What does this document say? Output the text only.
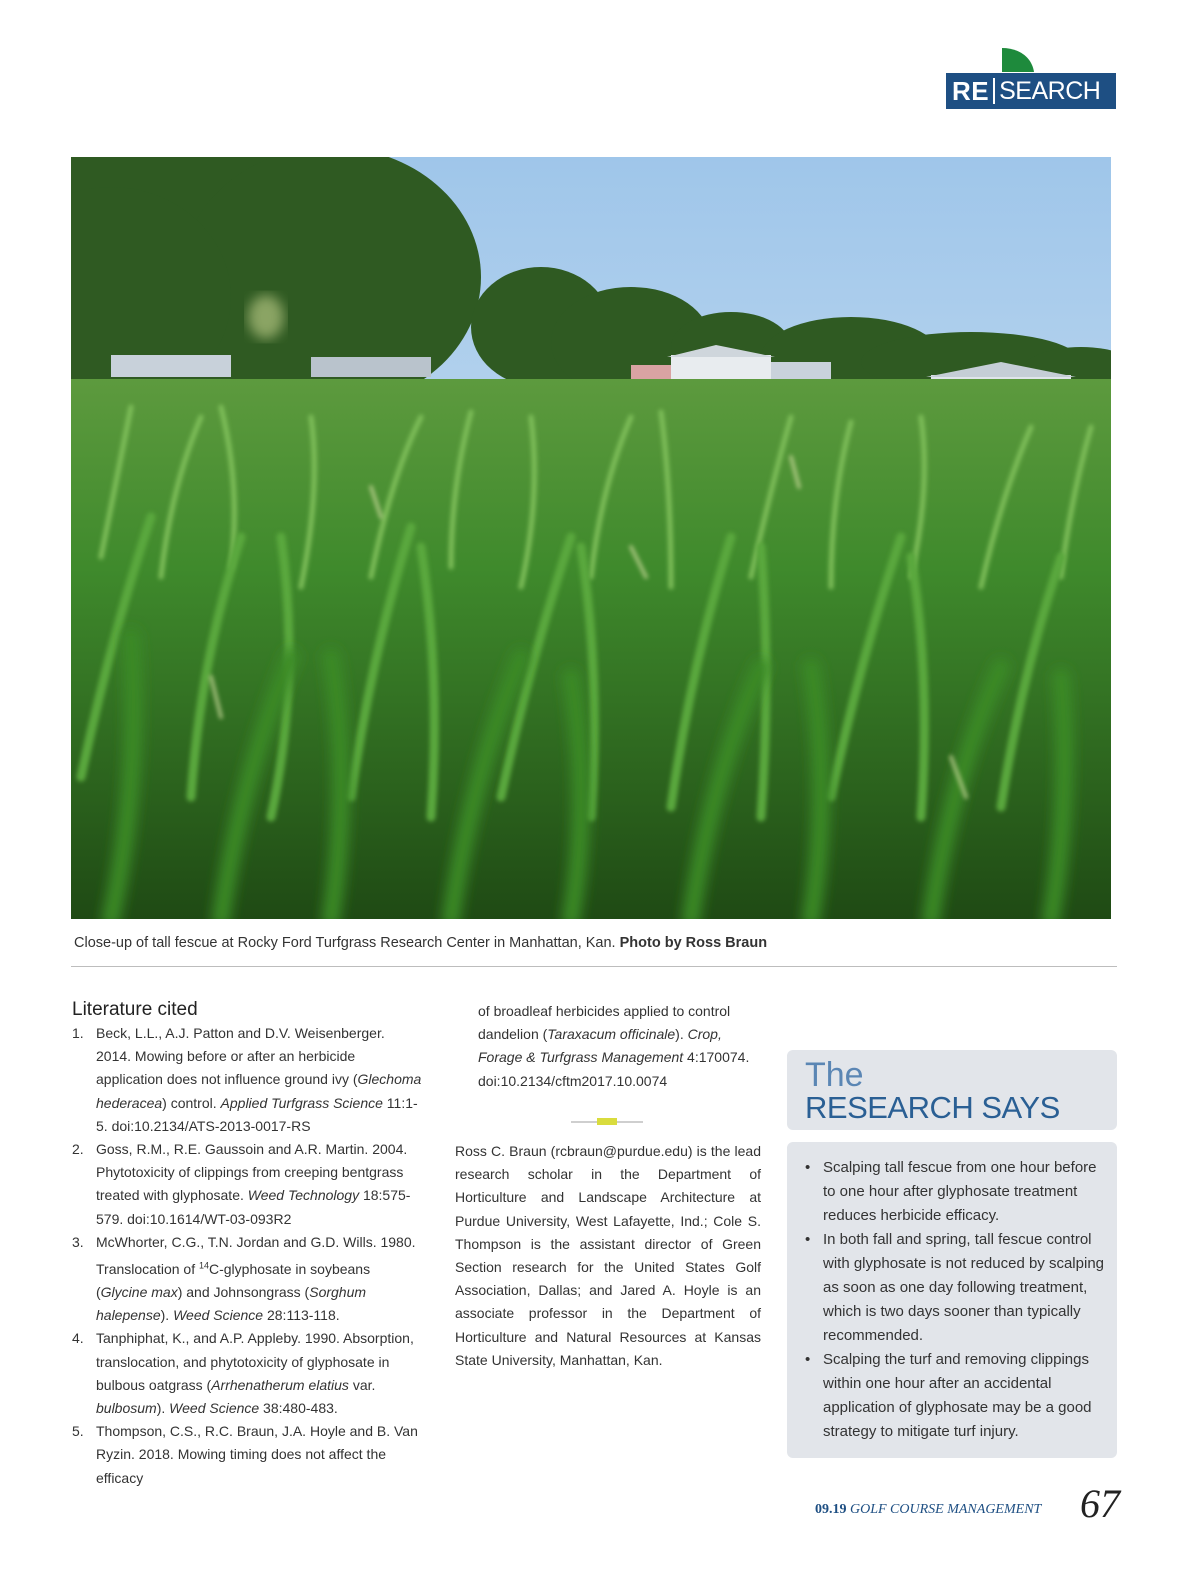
RE SEARCH
Close-up of tall fescue at Rocky Ford Turfgrass Research Center in Manhattan, Kan. Photo by Ross Braun
Literature cited
1. Beck, L.L., A.J. Patton and D.V. Weisenberger. 2014. Mowing before or after an herbicide application does not influence ground ivy (Glechoma hederacea) control. Applied Turfgrass Science 11:1-5. doi:10.2134/ATS-2013-0017-RS
2. Goss, R.M., R.E. Gaussoin and A.R. Martin. 2004. Phytotoxicity of clippings from creeping bentgrass treated with glyphosate. Weed Technology 18:575-579. doi:10.1614/WT-03-093R2
3. McWhorter, C.G., T.N. Jordan and G.D. Wills. 1980. Translocation of $^{14}$C-glyphosate in soybeans (Glycine max) and Johnsongrass (Sorghum halepense). Weed Science 28:113-118.
4. Tanphiphat, K., and A.P. Appleby. 1990. Absorption, translocation, and phytotoxicity of glyphosate in bulbous oatgrass (Arrhenatherum elatius var. bulbosum). Weed Science 38:480-483.
5. Thompson, C.S., R.C. Braun, J.A. Hoyle and B. Van Ryzin. 2018. Mowing timing does not affect the efficacy
of broadleaf herbicides applied to control dandelion (Taraxacum officinale). Crop, Forage & Turfgrass Management 4:170074. doi:10.2134/cftm2017.10.0074
Ross C. Braun (rcbraun@purdue.edu) is the lead research scholar in the Department of Horticulture and Landscape Architecture at Purdue University, West Lafayette, Ind.; Cole S. Thompson is the assistant director of Green Section research for the United States Golf Association, Dallas; and Jared A. Hoyle is an associate professor in the Department of Horticulture and Natural Resources at Kansas State University, Manhattan, Kan.
The
RESEARCH SAYS
• Scalping tall fescue from one hour before to one hour after glyphosate treatment reduces herbicide efficacy.
• In both fall and spring, tall fescue control with glyphosate is not reduced by scalping as soon as one day following treatment, which is two days sooner than typically recommended.
• Scalping the turf and removing clippings within one hour after an accidental application of glyphosate may be a good strategy to mitigate turf injury.
09.19 GOLF COURSE MANAGEMENT 67
